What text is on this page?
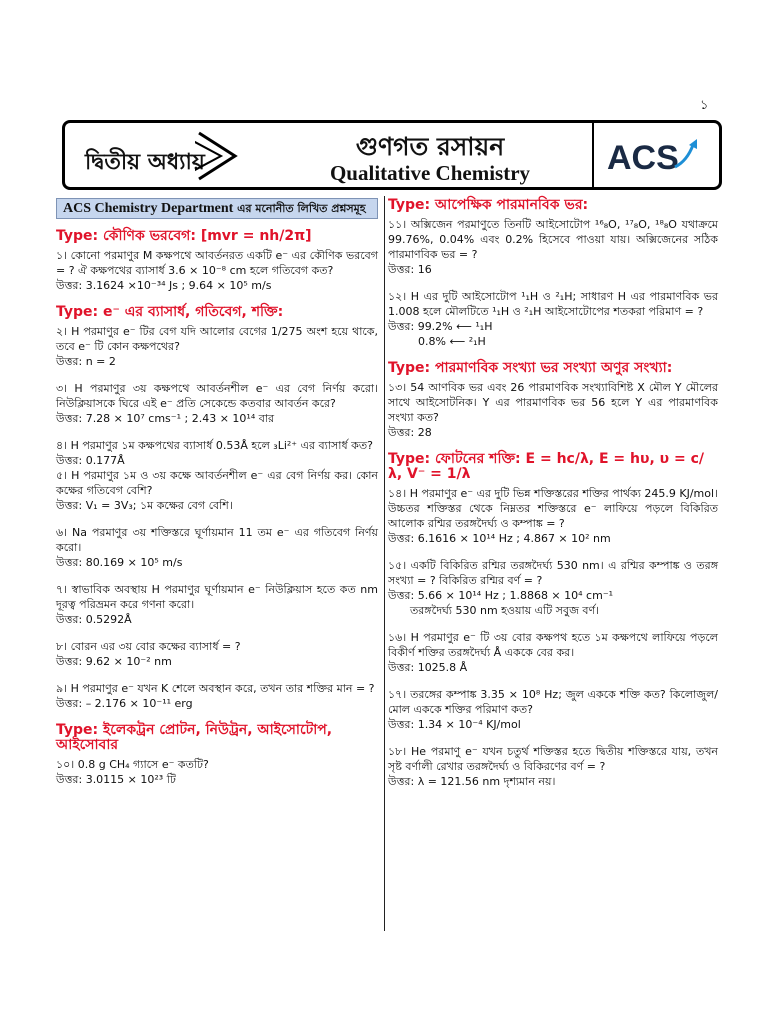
১
দ্বিতীয় অধ্যায়
গুণগত রসায়ন
Qualitative Chemistry	ACS
ACS Chemistry Department এর মনোনীত লিখিত প্রশ্নসমূহ
Type: কৌণিক ভরবেগ: [mvr = nh/2π]

১। কোনো পরমাণুর M কক্ষপথে আবর্তনরত একটি e⁻ এর কৌণিক ভরবেগ = ? ঐ কক্ষপথের ব্যাসার্ধ 3.6 × 10⁻⁸ cm হলে গতিবেগ কত?

উত্তর: 3.1624 ×10⁻³⁴ Js ; 9.64 × 10⁵ m/s

Type: e⁻ এর ব্যাসার্ধ, গতিবেগ, শক্তি:

২। H পরমাণুর e⁻ টির বেগ যদি আলোর বেগের 1/275 অংশ হয়ে থাকে, তবে e⁻ টি কোন কক্ষপথের?

উত্তর: n = 2

৩। H পরমাণুর ৩য় কক্ষপথে আবর্তনশীল e⁻ এর বেগ নির্ণয় করো। নিউক্লিয়াসকে ঘিরে এই e⁻ প্রতি সেকেন্ডে কতবার আবর্তন করে?

উত্তর: 7.28 × 10⁷ cms⁻¹ ; 2.43 × 10¹⁴ বার

৪। H পরমাণুর ১ম কক্ষপথের ব্যাসার্ধ 0.53Å হলে ₃Li²⁺ এর ব্যাসার্ধ কত?

উত্তর: 0.177Å

৫। H পরমাণুর ১ম ও ৩য় কক্ষে আবর্তনশীল e⁻ এর বেগ নির্ণয় কর। কোন কক্ষের গতিবেগ বেশি?

উত্তর: V₁ = 3V₃; ১ম কক্ষের বেগ বেশি।

৬। Na পরমাণুর ৩য় শক্তিস্তরে ঘূর্ণায়মান 11 তম e⁻ এর গতিবেগ নির্ণয় করো।

উত্তর: 80.169 × 10⁵ m/s

৭। স্বাভাবিক অবস্থায় H পরমাণুর ঘূর্ণায়মান e⁻ নিউক্লিয়াস হতে কত nm দূরত্ব পরিভ্রমন করে গণনা করো।

উত্তর: 0.5292Å

৮। বোরন এর ৩য় বোর কক্ষের ব্যাসার্ধ = ?

উত্তর: 9.62 × 10⁻² nm

৯। H পরমাণুর e⁻ যখন K শেলে অবস্থান করে, তখন তার শক্তির মান = ?

উত্তর: – 2.176 × 10⁻¹¹ erg

Type: ইলেকট্রন প্রোটন, নিউট্রন, আইসোটোপ, আইসোবার

১০। 0.8 g CH₄ গ্যাসে e⁻ কতটি?

উত্তর: 3.0115 × 10²³ টি

Type: আপেক্ষিক পারমানবিক ভর:

১১। অক্সিজেন পরমাণুতে তিনটি আইসোটোপ ¹⁶₈O, ¹⁷₈O, ¹⁸₈O যথাক্রমে 99.76%, 0.04% এবং 0.2% হিসেবে পাওয়া যায়। অক্সিজেনের সঠিক পারমাণবিক ভর = ?

উত্তর: 16

১২। H এর দুটি আইসোটোপ ¹₁H ও ²₁H; সাধারণ H এর পারমাণবিক ভর 1.008 হলে মৌলটিতে ¹₁H ও ²₁H আইসোটোপের শতকরা পরিমাণ = ?

উত্তর: 99.2% ⟵ ¹₁H

0.8% ⟵ ²₁H

Type: পারমাণবিক সংখ্যা ভর সংখ্যা অণুর সংখ্যা:

১৩। 54 আণবিক ভর এবং 26 পারমাণবিক সংখ্যাবিশিষ্ট X মৌল Y মৌলের সাথে আইসোটনিক। Y এর পারমাণবিক ভর 56 হলে Y এর পারমাণবিক সংখ্যা কত?

উত্তর: 28

Type: ফোটনের শক্তি: E = hc/λ, E = hυ, υ = c/λ, V⁻ = 1/λ

১৪। H পরমাণুর e⁻ এর দুটি ভিন্ন শক্তিস্তরের শক্তির পার্থক্য 245.9 KJ/mol। উচ্চতর শক্তিস্তর থেকে নিম্নতর শক্তিস্তরে e⁻ লাফিয়ে পড়লে বিকিরিত আলোক রশ্মির তরঙ্গদৈর্ঘ্য ও কম্পাঙ্ক = ?

উত্তর: 6.1616 × 10¹⁴ Hz ; 4.867 × 10² nm

১৫। একটি বিকিরিত রশ্মির তরঙ্গদৈর্ঘ্য 530 nm। এ রশ্মির কম্পাঙ্ক ও তরঙ্গ সংখ্যা = ? বিকিরিত রশ্মির বর্ণ = ?

উত্তর: 5.66 × 10¹⁴ Hz ; 1.8868 × 10⁴ cm⁻¹

তরঙ্গদৈর্ঘ্য 530 nm হওয়ায় এটি সবুজ বর্ণ।

১৬। H পরমাণুর e⁻ টি ৩য় বোর কক্ষপথ হতে ১ম কক্ষপথে লাফিয়ে পড়লে বিকীর্ণ শক্তির তরঙ্গদৈর্ঘ্য Å এককে বের কর।

উত্তর: 1025.8 Å

১৭। তরঙ্গের কম্পাঙ্ক 3.35 × 10⁸ Hz; জুল এককে শক্তি কত? কিলোজুল/মোল এককে শক্তির পরিমাণ কত?

উত্তর: 1.34 × 10⁻⁴ KJ/mol

১৮। He পরমাণু e⁻ যখন চতুর্থ শক্তিস্তর হতে দ্বিতীয় শক্তিস্তরে যায়, তখন সৃষ্ট বর্ণালী রেখার তরঙ্গদৈর্ঘ্য ও বিকিরণের বর্ণ = ?

উত্তর: λ = 121.56 nm দৃশ্যমান নয়।
